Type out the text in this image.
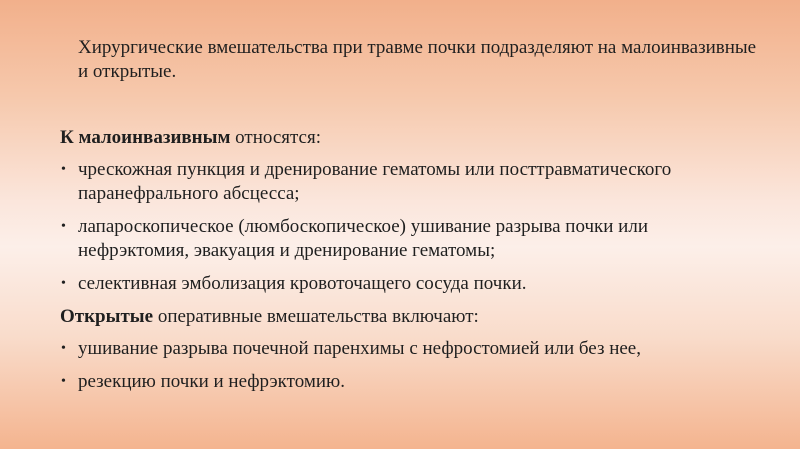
Хирургические вмешательства при травме почки подразделяют на малоинвазивные и открытые.
К малоинвазивным относятся:
• чрескожная пункция и дренирование гематомы или посттравматического паранефрального абсцесса;
• лапароскопическое (люмбоскопическое) ушивание разрыва почки или нефрэктомия, эвакуация и дренирование гематомы;
• селективная эмболизация кровоточащего сосуда почки.
Открытые оперативные вмешательства включают:
• ушивание разрыва почечной паренхимы с нефростомией или без нее,
• резекцию почки и нефрэктомию.
